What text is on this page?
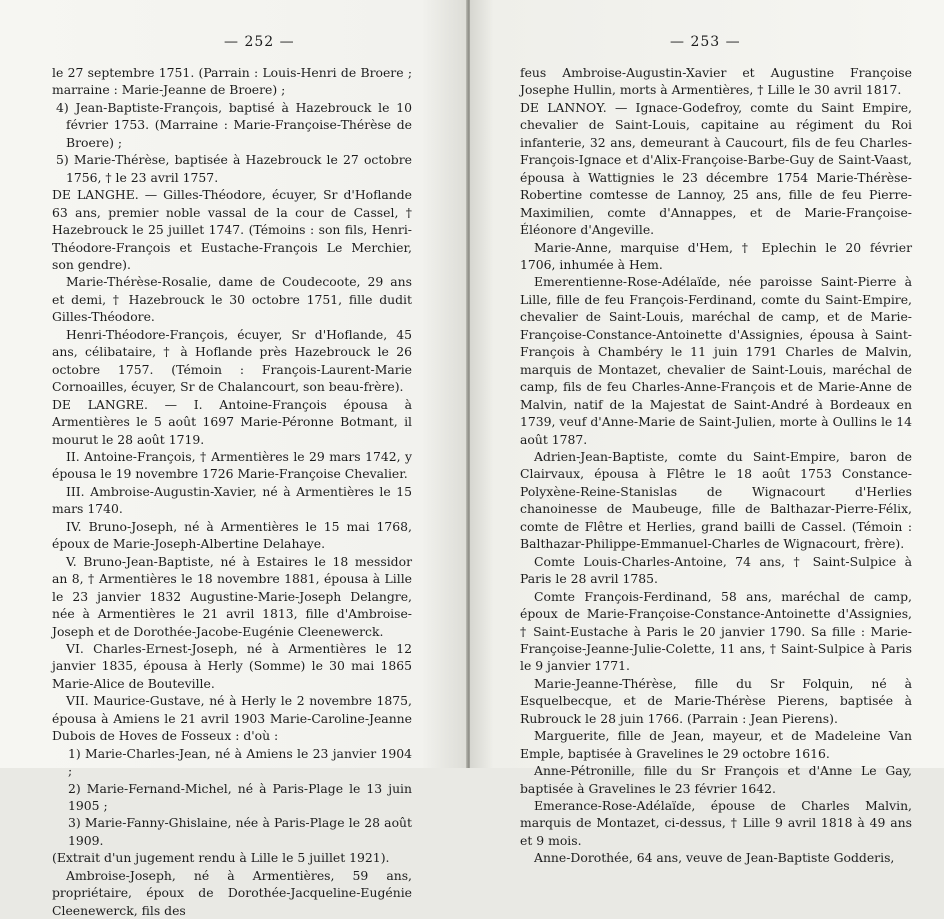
— 252 —

le 27 septembre 1751. (Parrain : Louis-Henri de Broere ; marraine : Marie-Jeanne de Broere) ;

4) Jean-Baptiste-François, baptisé à Hazebrouck le 10 février 1753. (Marraine : Marie-Françoise-Thérèse de Broere) ;

5) Marie-Thérèse, baptisée à Hazebrouck le 27 octobre 1756, † le 23 avril 1757.

DE LANGHE. — Gilles-Théodore, écuyer, Sr d'Hoflande 63 ans, premier noble vassal de la cour de Cassel, † Hazebrouck le 25 juillet 1747. (Témoins : son fils, Henri-Théodore-François et Eustache-François Le Merchier, son gendre).

Marie-Thérèse-Rosalie, dame de Coudecoote, 29 ans et demi, † Hazebrouck le 30 octobre 1751, fille dudit Gilles-Théodore.

Henri-Théodore-François, écuyer, Sr d'Hoflande, 45 ans, célibataire, † à Hoflande près Hazebrouck le 26 octobre 1757. (Témoin : François-Laurent-Marie Cornoailles, écuyer, Sr de Chalancourt, son beau-frère).

DE LANGRE. — I. Antoine-François épousa à Armentières le 5 août 1697 Marie-Péronne Botmant, il mourut le 28 août 1719.

II. Antoine-François, † Armentières le 29 mars 1742, y épousa le 19 novembre 1726 Marie-Françoise Chevalier.

III. Ambroise-Augustin-Xavier, né à Armentières le 15 mars 1740.

IV. Bruno-Joseph, né à Armentières le 15 mai 1768, époux de Marie-Joseph-Albertine Delahaye.

V. Bruno-Jean-Baptiste, né à Estaires le 18 messidor an 8, † Armentières le 18 novembre 1881, épousa à Lille le 23 janvier 1832 Augustine-Marie-Joseph Delangre, née à Armentières le 21 avril 1813, fille d'Ambroise-Joseph et de Dorothée-Jacobe-Eugénie Cleenewerck.

VI. Charles-Ernest-Joseph, né à Armentières le 12 janvier 1835, épousa à Herly (Somme) le 30 mai 1865 Marie-Alice de Bouteville.

VII. Maurice-Gustave, né à Herly le 2 novembre 1875, épousa à Amiens le 21 avril 1903 Marie-Caroline-Jeanne Dubois de Hoves de Fosseux : d'où :

1) Marie-Charles-Jean, né à Amiens le 23 janvier 1904 ;

2) Marie-Fernand-Michel, né à Paris-Plage le 13 juin 1905 ;

3) Marie-Fanny-Ghislaine, née à Paris-Plage le 28 août 1909.

(Extrait d'un jugement rendu à Lille le 5 juillet 1921).

Ambroise-Joseph, né à Armentières, 59 ans, propriétaire, époux de Dorothée-Jacqueline-Eugénie Cleenewerck, fils des

— 253 —

feus Ambroise-Augustin-Xavier et Augustine Françoise Josephe Hullin, morts à Armentières, † Lille le 30 avril 1817.

DE LANNOY. — Ignace-Godefroy, comte du Saint Empire, chevalier de Saint-Louis, capitaine au régiment du Roi infanterie, 32 ans, demeurant à Caucourt, fils de feu Charles-François-Ignace et d'Alix-Françoise-Barbe-Guy de Saint-Vaast, épousa à Wattignies le 23 décembre 1754 Marie-Thérèse-Robertine comtesse de Lannoy, 25 ans, fille de feu Pierre-Maximilien, comte d'Annappes, et de Marie-Françoise-Éléonore d'Angeville.

Marie-Anne, marquise d'Hem, † Eplechin le 20 février 1706, inhumée à Hem.

Emerentienne-Rose-Adélaïde, née paroisse Saint-Pierre à Lille, fille de feu François-Ferdinand, comte du Saint-Empire, chevalier de Saint-Louis, maréchal de camp, et de Marie-Françoise-Constance-Antoinette d'Assignies, épousa à Saint-François à Chambéry le 11 juin 1791 Charles de Malvin, marquis de Montazet, chevalier de Saint-Louis, maréchal de camp, fils de feu Charles-Anne-François et de Marie-Anne de Malvin, natif de la Majestat de Saint-André à Bordeaux en 1739, veuf d'Anne-Marie de Saint-Julien, morte à Oullins le 14 août 1787.

Adrien-Jean-Baptiste, comte du Saint-Empire, baron de Clairvaux, épousa à Flêtre le 18 août 1753 Constance-Polyxène-Reine-Stanislas de Wignacourt d'Herlies chanoinesse de Maubeuge, fille de Balthazar-Pierre-Félix, comte de Flêtre et Herlies, grand bailli de Cassel. (Témoin : Balthazar-Philippe-Emmanuel-Charles de Wignacourt, frère).

Comte Louis-Charles-Antoine, 74 ans, † Saint-Sulpice à Paris le 28 avril 1785.

Comte François-Ferdinand, 58 ans, maréchal de camp, époux de Marie-Françoise-Constance-Antoinette d'Assignies, † Saint-Eustache à Paris le 20 janvier 1790. Sa fille : Marie-Françoise-Jeanne-Julie-Colette, 11 ans, † Saint-Sulpice à Paris le 9 janvier 1771.

Marie-Jeanne-Thérèse, fille du Sr Folquin, né à Esquelbecque, et de Marie-Thérèse Pierens, baptisée à Rubrouck le 28 juin 1766. (Parrain : Jean Pierens).

Marguerite, fille de Jean, mayeur, et de Madeleine Van Emple, baptisée à Gravelines le 29 octobre 1616.

Anne-Pétronille, fille du Sr François et d'Anne Le Gay, baptisée à Gravelines le 23 février 1642.

Emerance-Rose-Adélaïde, épouse de Charles Malvin, marquis de Montazet, ci-dessus, † Lille 9 avril 1818 à 49 ans et 9 mois.

Anne-Dorothée, 64 ans, veuve de Jean-Baptiste Godderis,
